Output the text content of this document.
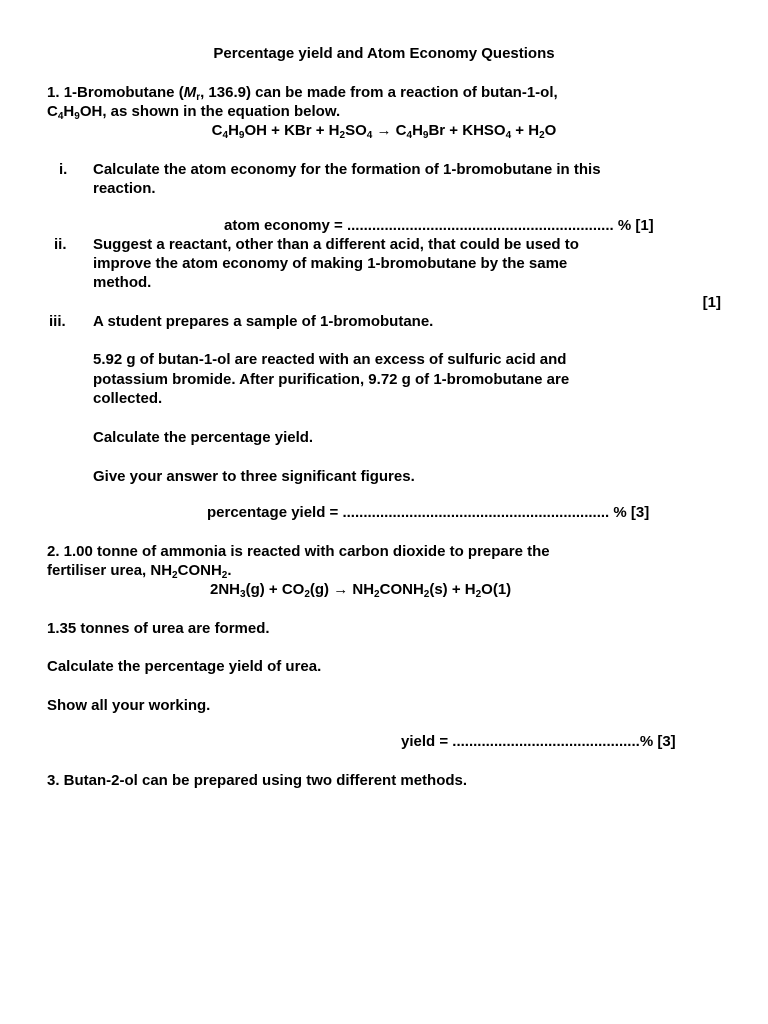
Percentage yield and Atom Economy Questions
1. 1-Bromobutane ($M_r$, 136.9) can be made from a reaction of butan-1-ol,
$C_4H_9OH$, as shown in the equation below.
$C_4H_9OH$ + KBr + $H_2SO_4 \to C_4H_9Br$ + $KHSO_4 + H_2O$
i. Calculate the atom economy for the formation of 1-bromobutane in this
reaction.
atom economy = ................................................................ % [1]
ii. Suggest a reactant, other than a different acid, that could be used to
improve the atom economy of making 1-bromobutane by the same
method.
[1]
iii. A student prepares a sample of 1-bromobutane.
5.92 g of butan-1-ol are reacted with an excess of sulfuric acid and
potassium bromide. After purification, 9.72 g of 1-bromobutane are
collected.
Calculate the percentage yield.
Give your answer to three significant figures.
percentage yield = ................................................................ % [3]
2. 1.00 tonne of ammonia is reacted with carbon dioxide to prepare the
fertiliser urea, $NH_2CONH_2$.
$2NH_3(g) + CO_2(g)$ → $NH_2CONH_2(s) + H_2O(1)$
1.35 tonnes of urea are formed.
Calculate the percentage yield of urea.
Show all your working.
yield = .............................................% [3]
3. Butan-2-ol can be prepared using two different methods.
